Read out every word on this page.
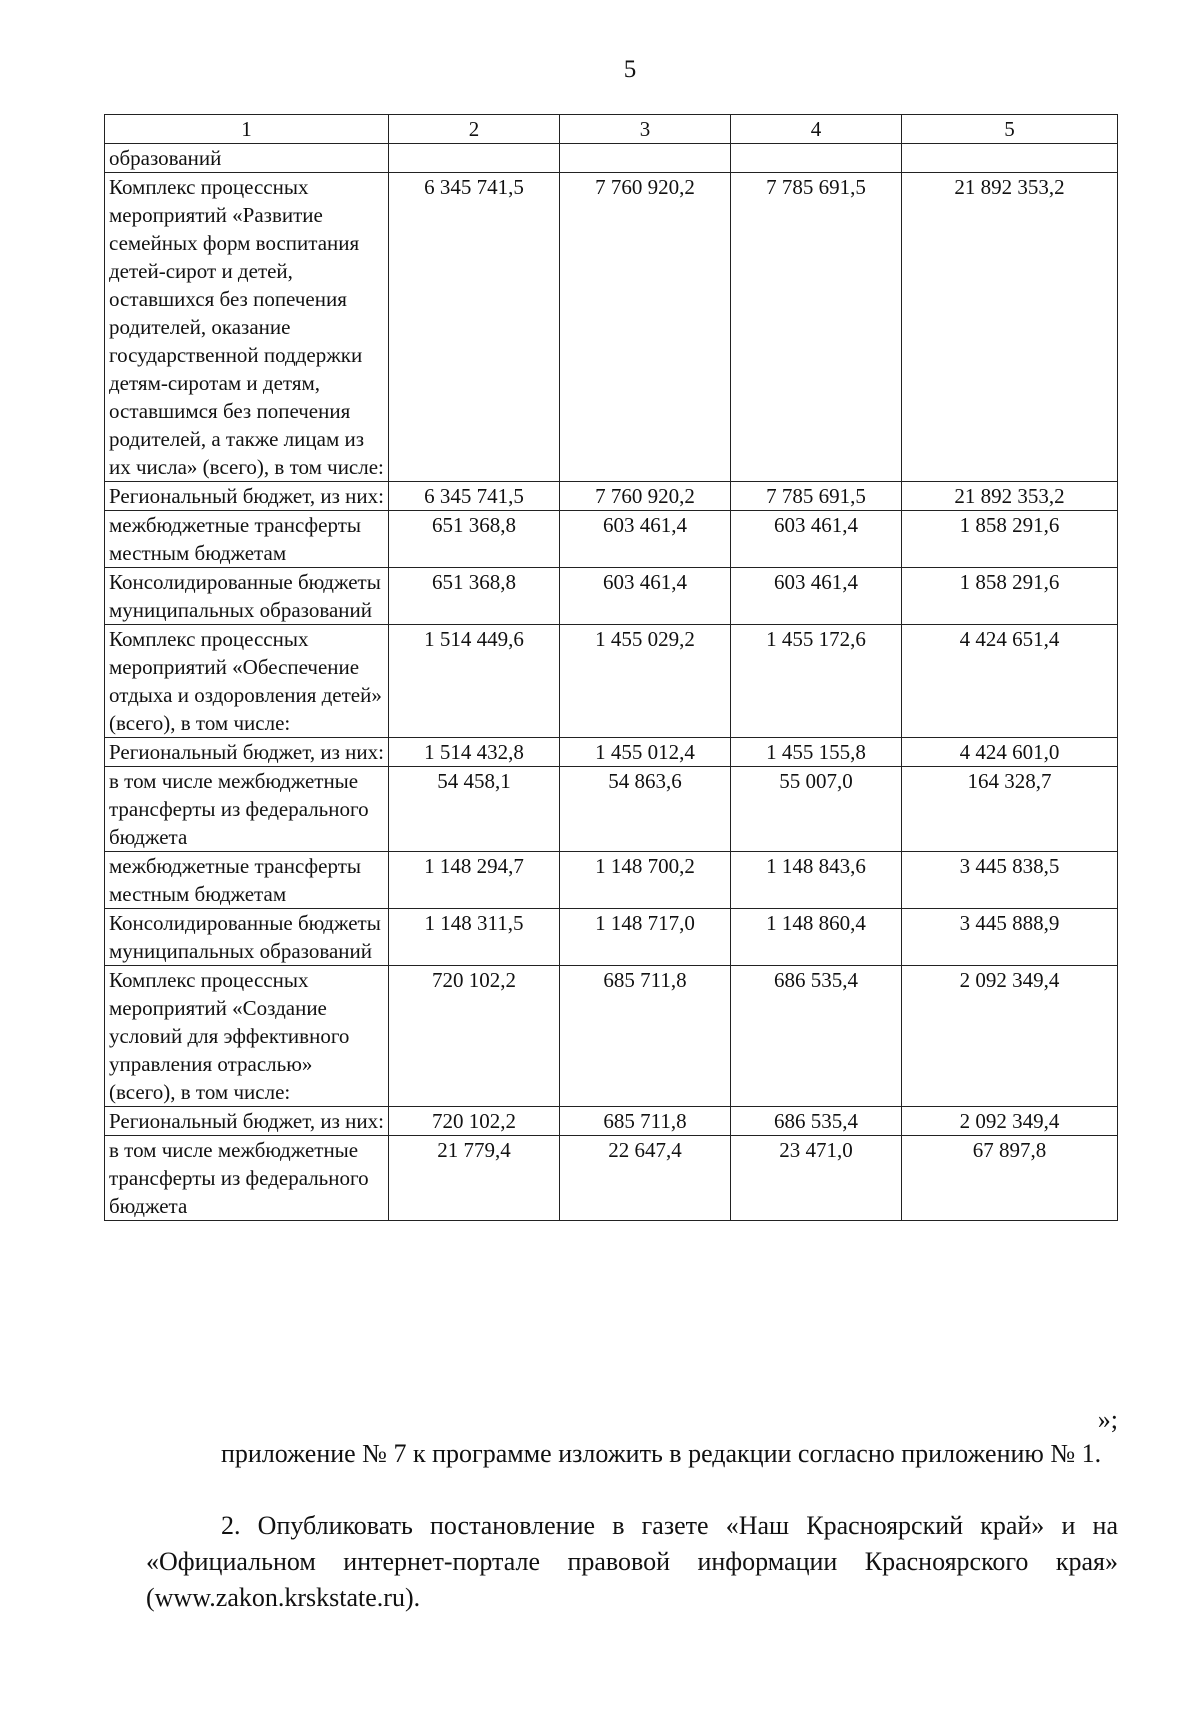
5
1	2	3	4	5
образований				
Комплекс процессных мероприятий «Развитие семейных форм воспитания детей-сирот и детей, оставшихся без попечения родителей, оказание государственной поддержки детям-сиротам и детям, оставшимся без попечения родителей, а также лицам из их числа» (всего), в том числе:	6 345 741,5	7 760 920,2	7 785 691,5	21 892 353,2
Региональный бюджет, из них:	6 345 741,5	7 760 920,2	7 785 691,5	21 892 353,2
межбюджетные трансферты местным бюджетам	651 368,8	603 461,4	603 461,4	1 858 291,6
Консолидированные бюджеты муниципальных образований	651 368,8	603 461,4	603 461,4	1 858 291,6
Комплекс процессных мероприятий «Обеспечение отдыха и оздоровления детей» (всего), в том числе:	1 514 449,6	1 455 029,2	1 455 172,6	4 424 651,4
Региональный бюджет, из них:	1 514 432,8	1 455 012,4	1 455 155,8	4 424 601,0
в том числе межбюджетные трансферты из федерального бюджета	54 458,1	54 863,6	55 007,0	164 328,7
межбюджетные трансферты местным бюджетам	1 148 294,7	1 148 700,2	1 148 843,6	3 445 838,5
Консолидированные бюджеты муниципальных образований	1 148 311,5	1 148 717,0	1 148 860,4	3 445 888,9
Комплекс процессных мероприятий «Создание условий для эффективного управления отраслью» (всего), в том числе:	720 102,2	685 711,8	686 535,4	2 092 349,4
Региональный бюджет, из них:	720 102,2	685 711,8	686 535,4	2 092 349,4
в том числе межбюджетные трансферты из федерального бюджета	21 779,4	22 647,4	23 471,0	67 897,8
»;

приложение № 7 к программе изложить в редакции согласно приложению № 1.

2. Опубликовать постановление в газете «Наш Красноярский край» и на «Официальном интернет-портале правовой информации Красноярского края» (www.zakon.krskstate.ru).
